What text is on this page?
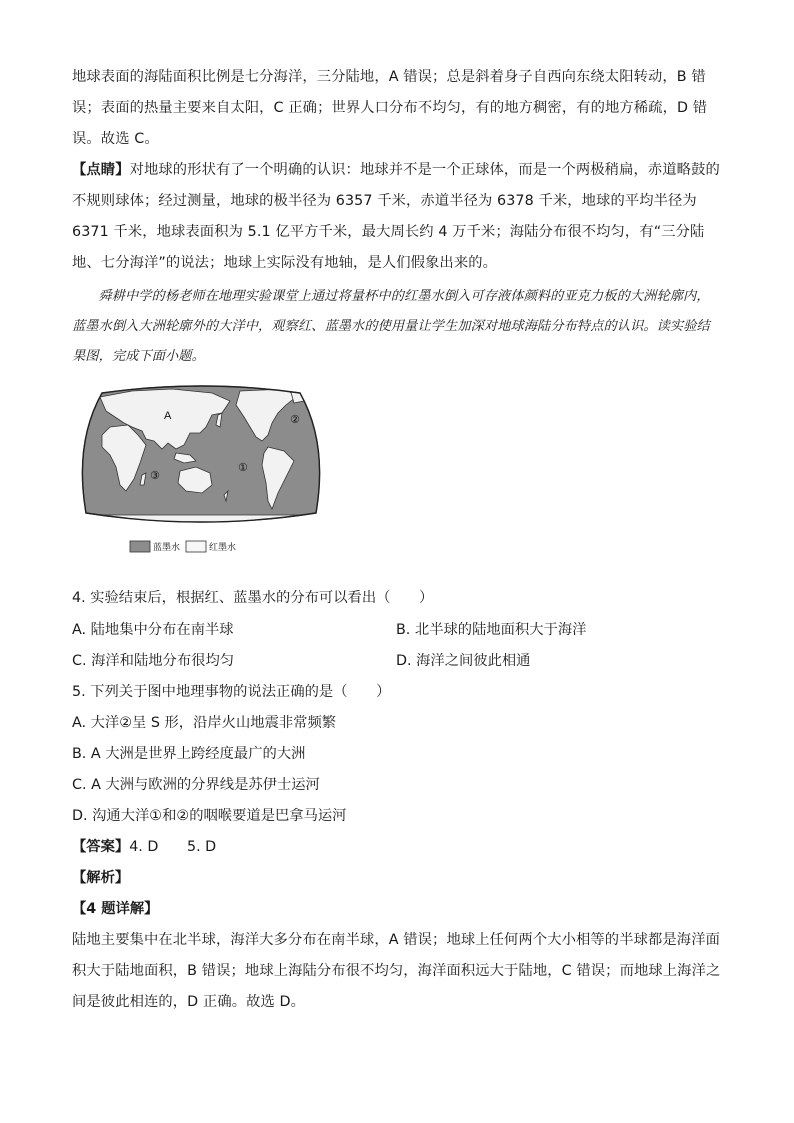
地球表面的海陆面积比例是七分海洋，三分陆地，A 错误；总是斜着身子自西向东绕太阳转动，B 错误；表面的热量主要来自太阳，C 正确；世界人口分布不均匀，有的地方稠密，有的地方稀疏，D 错误。故选 C。

【点睛】对地球的形状有了一个明确的认识：地球并不是一个正球体，而是一个两极稍扁，赤道略鼓的不规则球体；经过测量，地球的极半径为 6357 千米，赤道半径为 6378 千米，地球的平均半径为 6371 千米，地球表面积为 5.1 亿平方千米，最大周长约 4 万千米；海陆分布很不均匀，有“三分陆地、七分海洋”的说法；地球上实际没有地轴，是人们假象出来的。

舜耕中学的杨老师在地理实验课堂上通过将量杯中的红墨水倒入可存液体颜料的亚克力板的大洲轮廓内，蓝墨水倒入大洲轮廓外的大洋中，观察红、蓝墨水的使用量让学生加深对地球海陆分布特点的认识。读实验结果图，完成下面小题。

A
①
②
③
蓝墨水	红墨水
4. 实验结束后，根据红、蓝墨水的分布可以看出（　　）
A. 陆地集中分布在南半球	B. 北半球的陆地面积大于海洋
C. 海洋和陆地分布很均匀	D. 海洋之间彼此相通
5. 下列关于图中地理事物的说法正确的是（　　）
A. 大洋②呈 S 形，沿岸火山地震非常频繁
B. A 大洲是世界上跨经度最广的大洲
C. A 大洲与欧洲的分界线是苏伊士运河
D. 沟通大洋①和②的咽喉要道是巴拿马运河
【答案】4. D　　5. D
【解析】
【4 题详解】

陆地主要集中在北半球，海洋大多分布在南半球，A 错误；地球上任何两个大小相等的半球都是海洋面积大于陆地面积，B 错误；地球上海陆分布很不均匀，海洋面积远大于陆地，C 错误；而地球上海洋之间是彼此相连的，D 正确。故选 D。
